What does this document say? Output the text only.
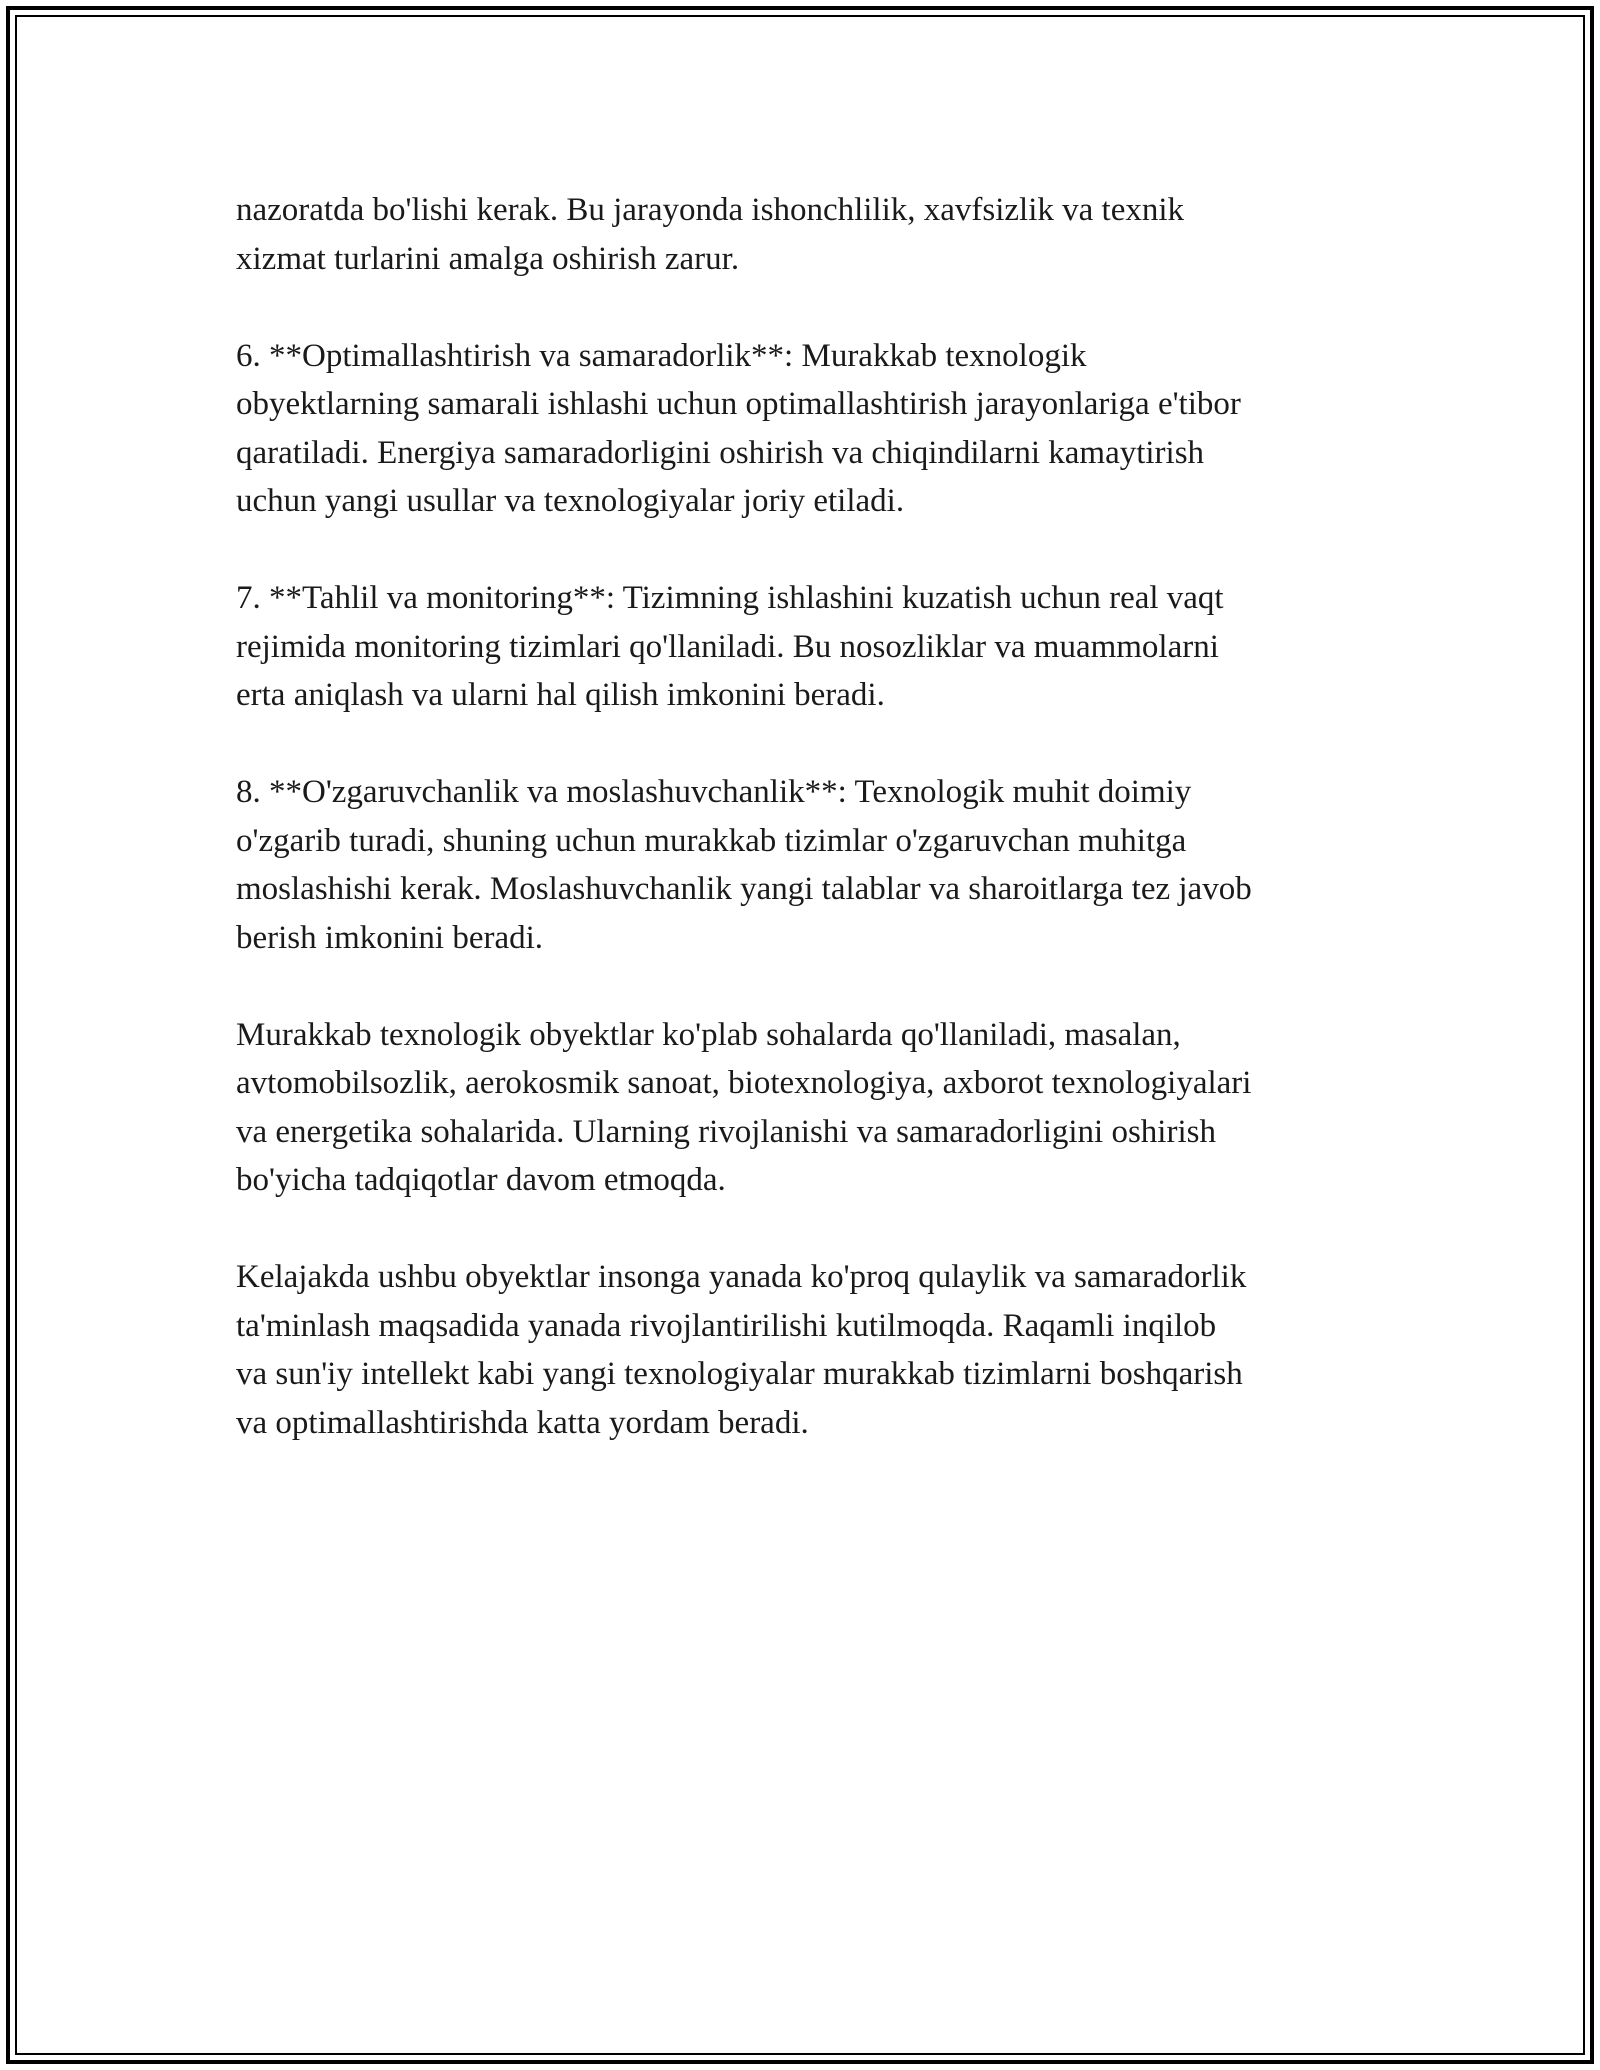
nazoratda bo'lishi kerak. Bu jarayonda ishonchlilik, xavfsizlik va texnik
xizmat turlarini amalga oshirish zarur.

6. **Optimallashtirish va samaradorlik**: Murakkab texnologik
obyektlarning samarali ishlashi uchun optimallashtirish jarayonlariga e'tibor
qaratiladi. Energiya samaradorligini oshirish va chiqindilarni kamaytirish
uchun yangi usullar va texnologiyalar joriy etiladi.

7. **Tahlil va monitoring**: Tizimning ishlashini kuzatish uchun real vaqt
rejimida monitoring tizimlari qo'llaniladi. Bu nosozliklar va muammolarni
erta aniqlash va ularni hal qilish imkonini beradi.

8. **O'zgaruvchanlik va moslashuvchanlik**: Texnologik muhit doimiy
o'zgarib turadi, shuning uchun murakkab tizimlar o'zgaruvchan muhitga
moslashishi kerak. Moslashuvchanlik yangi talablar va sharoitlarga tez javob
berish imkonini beradi.

Murakkab texnologik obyektlar ko'plab sohalarda qo'llaniladi, masalan,
avtomobilsozlik, aerokosmik sanoat, biotexnologiya, axborot texnologiyalari
va energetika sohalarida. Ularning rivojlanishi va samaradorligini oshirish
bo'yicha tadqiqotlar davom etmoqda.

Kelajakda ushbu obyektlar insonga yanada ko'proq qulaylik va samaradorlik
ta'minlash maqsadida yanada rivojlantirilishi kutilmoqda. Raqamli inqilob
va sun'iy intellekt kabi yangi texnologiyalar murakkab tizimlarni boshqarish
va optimallashtirishda katta yordam beradi.
